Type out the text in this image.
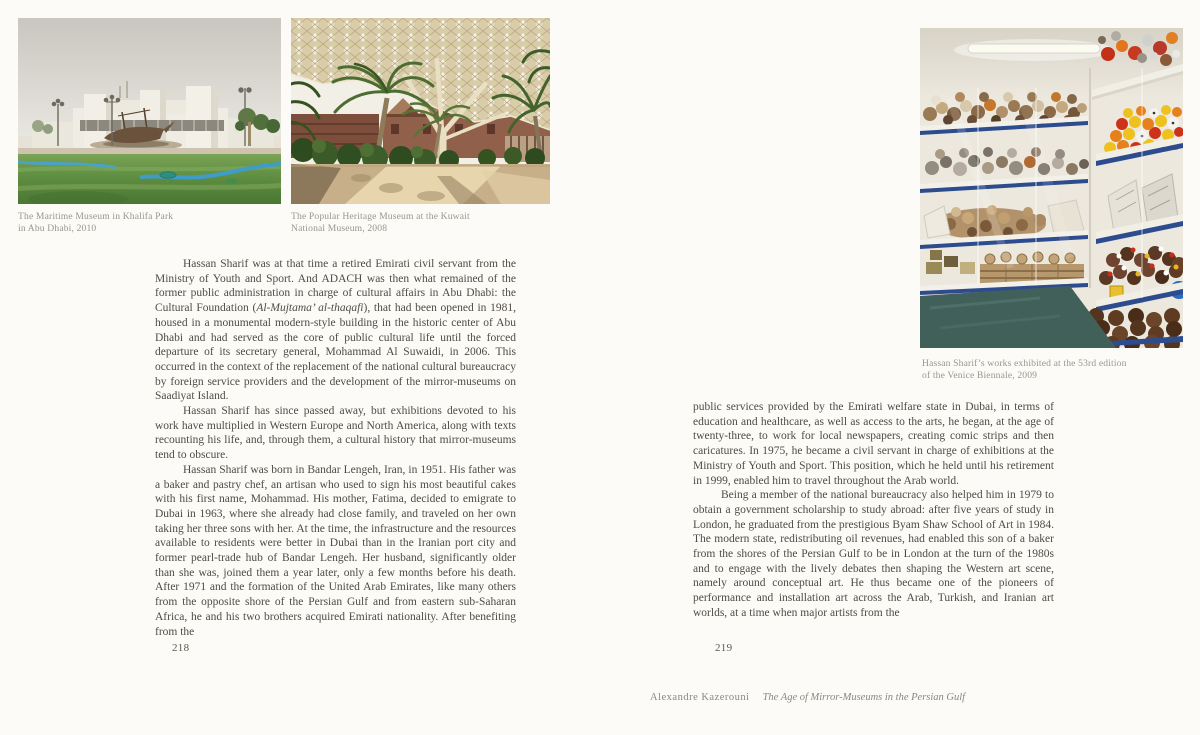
The Maritime Museum in Khalifa Park
in Abu Dhabi, 2010
The Popular Heritage Museum at the Kuwait
National Museum, 2008
Hassan Sharif’s works exhibited at the 53rd edition
of the Venice Biennale, 2009

Hassan Sharif was at that time a retired Emirati civil servant from the Ministry of Youth and Sport. And ADACH was then what remained of the former public administration in charge of cultural affairs in Abu Dhabi: the Cultural Foundation (Al-Mujtama’ al-thaqafi), that had been opened in 1981, housed in a monumental modern-style building in the historic center of Abu Dhabi and had served as the core of public cultural life until the forced departure of its secretary general, Mohammad Al Suwaidi, in 2006. This occurred in the context of the replacement of the national cultural bureaucracy by foreign service providers and the development of the mirror-museums on Saadiyat Island.

Hassan Sharif has since passed away, but exhibitions devoted to his work have multiplied in Western Europe and North America, along with texts recounting his life, and, through them, a cultural history that mirror-museums tend to obscure.

Hassan Sharif was born in Bandar Lengeh, Iran, in 1951. His father was a baker and pastry chef, an artisan who used to sign his most beautiful cakes with his first name, Mohammad. His mother, Fatima, decided to emigrate to Dubai in 1963, where she already had close family, and traveled on her own taking her three sons with her. At the time, the infrastructure and the resources available to residents were better in Dubai than in the Iranian port city and former pearl-trade hub of Bandar Lengeh. Her husband, significantly older than she was, joined them a year later, only a few months before his death. After 1971 and the formation of the United Arab Emirates, like many others from the opposite shore of the Persian Gulf and from eastern sub-Saharan Africa, he and his two brothers acquired Emirati nationality. After benefiting from the

public services provided by the Emirati welfare state in Dubai, in terms of education and healthcare, as well as access to the arts, he began, at the age of twenty-three, to work for local newspapers, creating comic strips and then caricatures. In 1975, he became a civil servant in charge of exhibitions at the Ministry of Youth and Sport. This position, which he held until his retirement in 1999, enabled him to travel throughout the Arab world.

Being a member of the national bureaucracy also helped him in 1979 to obtain a government scholarship to study abroad: after five years of study in London, he graduated from the prestigious Byam Shaw School of Art in 1984. The modern state, redistributing oil revenues, had enabled this son of a baker from the shores of the Persian Gulf to be in London at the turn of the 1980s and to engage with the lively debates then shaping the Western art scene, namely around conceptual art. He thus became one of the pioneers of performance and installation art across the Arab, Turkish, and Iranian art worlds, at a time when major artists from the

218	219
Alexandre Kazerouni The Age of Mirror-Museums in the Persian Gulf
